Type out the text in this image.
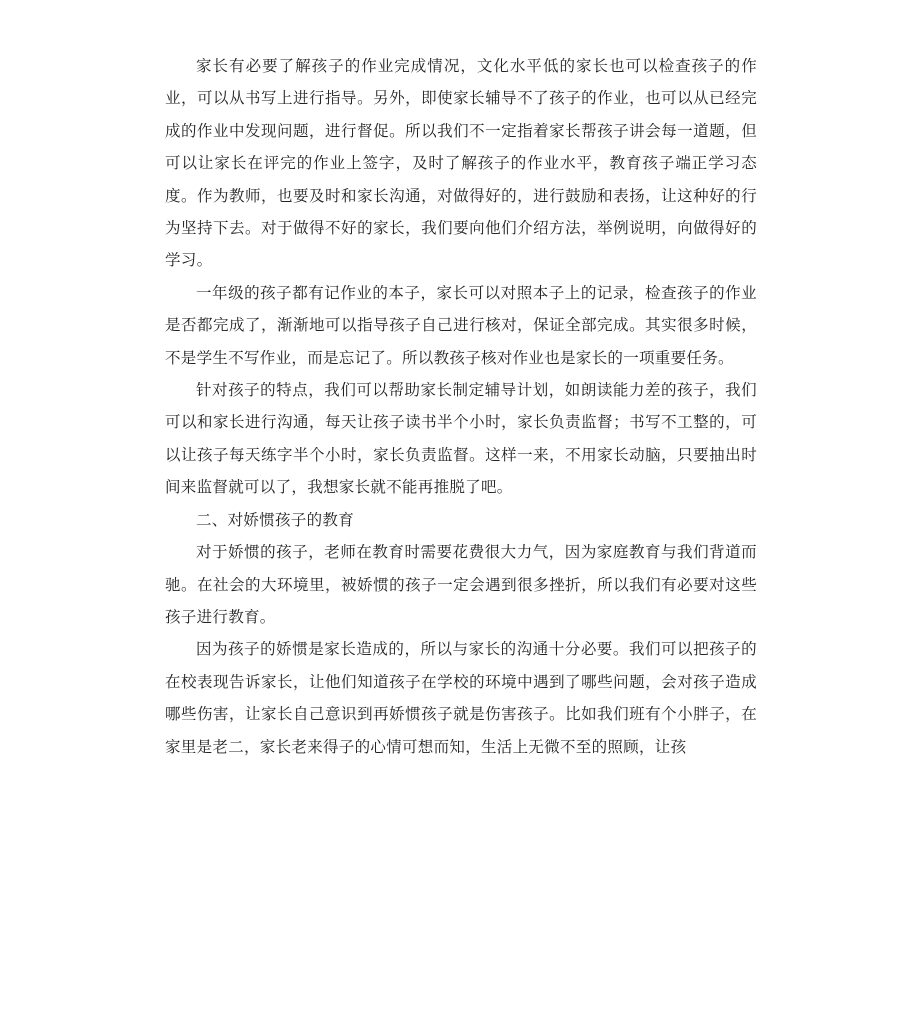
家长有必要了解孩子的作业完成情况，文化水平低的家长也可以检查孩子的作业，可以从书写上进行指导。另外，即使家长辅导不了孩子的作业，也可以从已经完成的作业中发现问题，进行督促。所以我们不一定指着家长帮孩子讲会每一道题，但可以让家长在评完的作业上签字，及时了解孩子的作业水平，教育孩子端正学习态度。作为教师，也要及时和家长沟通，对做得好的，进行鼓励和表扬，让这种好的行为坚持下去。对于做得不好的家长，我们要向他们介绍方法，举例说明，向做得好的学习。

一年级的孩子都有记作业的本子，家长可以对照本子上的记录，检查孩子的作业是否都完成了，渐渐地可以指导孩子自己进行核对，保证全部完成。其实很多时候，不是学生不写作业，而是忘记了。所以教孩子核对作业也是家长的一项重要任务。

针对孩子的特点，我们可以帮助家长制定辅导计划，如朗读能力差的孩子，我们可以和家长进行沟通，每天让孩子读书半个小时，家长负责监督；书写不工整的，可以让孩子每天练字半个小时，家长负责监督。这样一来，不用家长动脑，只要抽出时间来监督就可以了，我想家长就不能再推脱了吧。

二、对娇惯孩子的教育

对于娇惯的孩子，老师在教育时需要花费很大力气，因为家庭教育与我们背道而驰。在社会的大环境里，被娇惯的孩子一定会遇到很多挫折，所以我们有必要对这些孩子进行教育。

因为孩子的娇惯是家长造成的，所以与家长的沟通十分必要。我们可以把孩子的在校表现告诉家长，让他们知道孩子在学校的环境中遇到了哪些问题，会对孩子造成哪些伤害，让家长自己意识到再娇惯孩子就是伤害孩子。比如我们班有个小胖子，在家里是老二，家长老来得子的心情可想而知，生活上无微不至的照顾，让孩
